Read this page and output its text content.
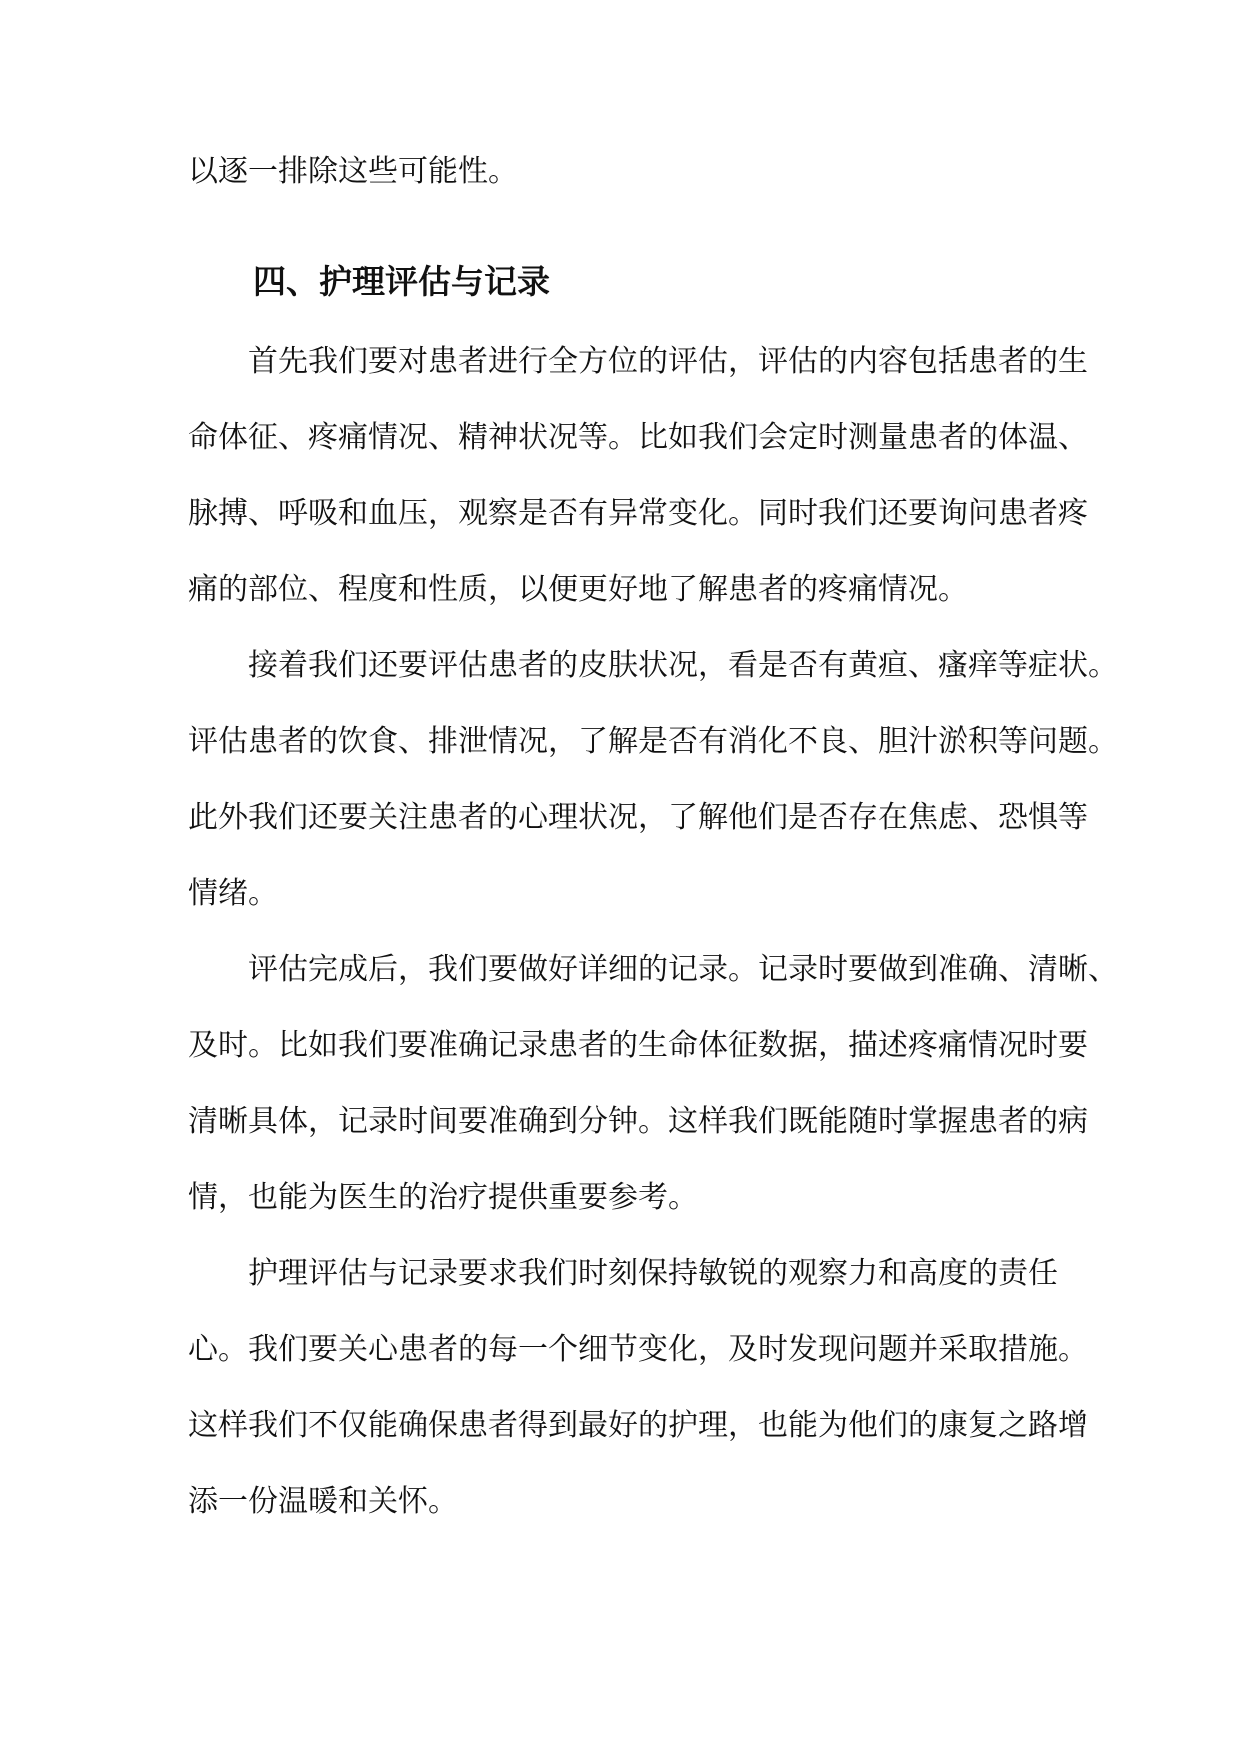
以逐一排除这些可能性。
四、护理评估与记录
首先我们要对患者进行全方位的评估，评估的内容包括患者的生
命体征、疼痛情况、精神状况等。比如我们会定时测量患者的体温、
脉搏、呼吸和血压，观察是否有异常变化。同时我们还要询问患者疼
痛的部位、程度和性质，以便更好地了解患者的疼痛情况。
接着我们还要评估患者的皮肤状况，看是否有黄疸、瘙痒等症状。
评估患者的饮食、排泄情况，了解是否有消化不良、胆汁淤积等问题。
此外我们还要关注患者的心理状况，了解他们是否存在焦虑、恐惧等
情绪。
评估完成后，我们要做好详细的记录。记录时要做到准确、清晰、
及时。比如我们要准确记录患者的生命体征数据，描述疼痛情况时要
清晰具体，记录时间要准确到分钟。这样我们既能随时掌握患者的病
情，也能为医生的治疗提供重要参考。
护理评估与记录要求我们时刻保持敏锐的观察力和高度的责任
心。我们要关心患者的每一个细节变化，及时发现问题并采取措施。
这样我们不仅能确保患者得到最好的护理，也能为他们的康复之路增
添一份温暖和关怀。
